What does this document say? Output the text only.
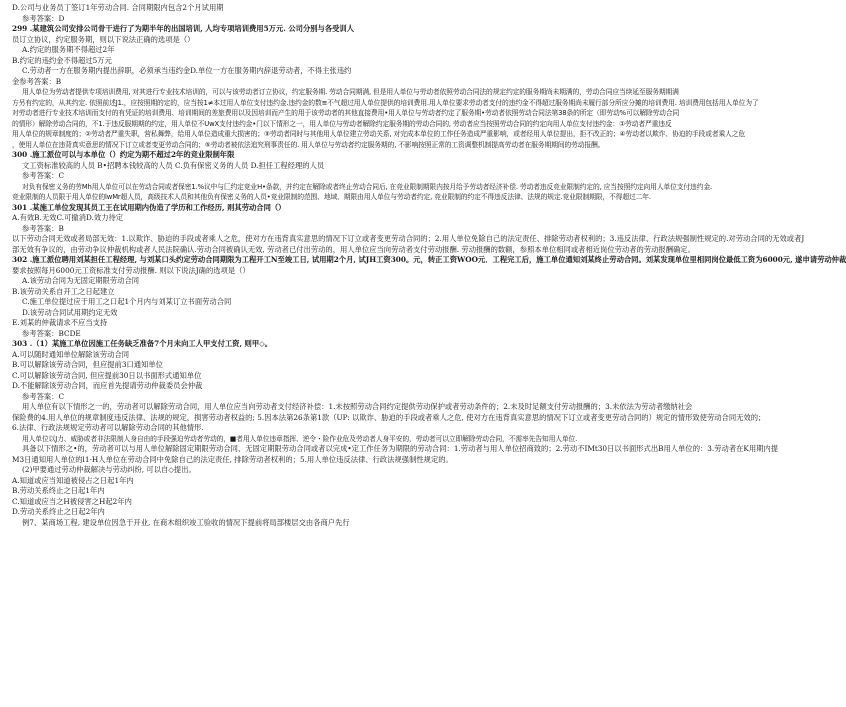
D.公司与业务员丁签订1年劳动合同. 合同期限内包含2个月试用期
参考答案：D
299 .某建筑公司安排公司骨干进行了为期半年的出国培训, 人均专项培训费用5万元. 公司分别与各受训人
员订立协议，约定服务期，则以下说法正确的选项是（）
A.约定的服务期不得超过2年
B.约定的违约金不得超过5万元
C.劳动者一方在服务期内提出辞职，必须承当违约金D.单位一方在服务期内辞退劳动者，不得主张违约
金参考答案：B
用人单位为劳动者提供专项培训费用, 对其进行专业技术培训的，可以与该劳动者订立协议，约定服务期. 劳动合同期满, 但是用人单位与劳动者依照劳动合同法的规定约定的服务期尚未期满的，劳动合同应当续延至服务期期满
方另有约定的，从其约定. 依照前述J1.，应按照期的定的，应当按1≠本过用人单位支付违约金.违约金的数≡不气超过用人单位提供的培训费用.用人单位要求劳动者支付的违约金不得超过服务期尚未履行部分所应分摊的培训费用. 培训费用包括用人单位为了
对劳动者进行专业技术培训而支付的有凭证的培训费用、培训期间的差旅费用以及因培训而产生的用于该劳动者的其他直接费用•用人单位与劳动者约定了服务期•劳动者依照劳动合同法第38条的所定（即劳动%可以解除劳动合同
的情形）解除劳动合同的，不1.于违反服期期的约定，用人单位不UwX支付违约金•门以下情形之一，用人单位与劳动者解除约定服务期的劳动合同的, 劳动者应当按照劳动合同的约定向用人单位支付违约金：①劳动者严重违反
用人单位的规章制度的；②劳动者严重失职，营私舞弊，给用人单位造成重大损害的；③劳动者同时与其他用人单位建立劳动关系, 对完成本单位的工作任务造成严重影响，或者经用人单位提出，拒不改正的；④劳动者以欺诈、协迫的手段或者乘人之危
，使用人单位在违背真实意思的情况下订立或者变更劳动合同的；⑤劳动者被依法追究刑事责任的. 用人单位与劳动者约定服务期的, 不影响按照正常的工资调整机制提高劳动者在服务期期间的劳动报酬。
300 .施工派位可以与本单位（）约定为期不超过2年的竞业限制年限
文工资标准较高的人员 B•招聘本钱较高的人员 C.负有保密义务的人员 D.担任工程经理的人员
参考答案：C
对负有保密义务的劳Mh用人单位可以在劳动合同或者保密1.%议中与匚约定竞业H•条款，并约定在解除或者终止劳动合同后, 在竞业限制期限内按月给予劳动者经济补偿. 劳动者违反竞业限制约定的, 应当按照约定向用人单位支付违约金.
竞业限制的人员限于用人单位的lwMr超人员，高级技术人员和其他负有保密义务的人员•竞业限制的范围、地域、期限由用人单位与劳动者约定, 竞业限制的约定不得违反法律、法规的规定.竞业限制期限，不得超过二年.
301 .某施工单位发现其员工王在试用期内伪造了学历和工作经历, 则其劳动合同（）
A.有效B.无效C.可撤消D.效力待定
参考答案：B
以下劳动合同无效或者局部无效：1.以欺诈、胁迫的手段或者乘人之危，使对方在违背真实意思的情况下订立或者变更劳动合同的；2.用人单位免除自己的法定责任、排除劳动者权利的；3.违反法律、行政法规强制性规定的.对劳动合同的无效或者J
部无效有争议的，由劳动争议仲裁机构或者人民法院确认.劳动合同被确认无效, 劳动者已付出劳动的，用人单位应当向劳动者支付劳动报酬. 劳动报酬的数额，参照本单位相同或者相近岗位劳动者的劳动报酬确定。
302 .施工派位聘用刘某担任工程经理, 与刘某口头约定劳动合同期限为工程开工N至竣工日, 试用期2个月, 试JH工资300。元，转正工资WOO元．工程完工后，施工单位通知刘某终止劳动合同。刘某发现单位里相同岗位最低工资为6000元, 遂申请劳动仲裁
要求按照每月6000元工资标准支付劳动报酬. 则以下说法J确的选项是（）
A.该劳动合同为无固定期限劳动合同
B.该劳动关系自开工之日起建立
C.施工单位提过应于用工之口起1个月内与刘某订立书面劳动合同
D.该劳动合同试用期约定无效
E.刘某的仲裁请求不应当支持
参考答案：BCDE
303 .（1）某施工单位因施工任务缺乏准备7个月未向工人甲支付工资, 则甲◇。
A.可以随时通知单位解除该劳动合同
B.可以解除该劳动合同，但应提前3口通知单位
C.可以解除该劳动合同, 但应提前30日以书面形式通知单位
D.不能解除该劳动合同，而应首先提请劳动仲裁委员会仲裁
参考答案：C
用人单位有以下情形之一的，劳动者可以解除劳动合同，用人单位应当向劳动者支付经济补偿：1.未按照劳动合同约定提供劳动保护或者劳动条件的；2.未及时足额支付劳动报酬的；3.未依法为劳动者缴纳社会
保险费的4.用人单位的规章制度违反法律、法规的规定，损害劳动者权益的; 5.因本法第26条第1款（UP: 以欺诈、胁迫的手段或者乘人之危, 使对方在违背真实意思的情况下订立或者变更劳动合同的）规定的情形致使劳动合同无效的；
6.法律、行政法规规定劳动者可以解除劳动合同的其他情形.
用人单位以J力、威胁或者非法限制人身自由的手段强迫劳动者劳动的，■者用人单位违章指挥、逆令・险作业危及劳动者人身平安的，劳动者可以立即解除劳动合同，不需率先告知用人单位.
具备以下情形之•的，劳动者可以与用人单位解除固定期限劳动合同、无固定期限劳动合同或者以完成•定工作任务为期限的劳动合同：1.劳动者与用人单位招商致的；2.劳动不IMt30日以书面形式出B用人单位的：3.劳动者在K用期内提
M3日通知用人单位的l1-H人单位在劳动合同中免除自己的法定责任, 排除劳动者权利的；5.用人单位违反法律、行政法规强制性规定的。
(2)甲要通过劳动仲裁解决与劳动纠纷, 可以自◇提出。
A.知道或应当知道被侵占之日起1年内
B.劳动关系终止之日起1年内
C.知道或应当之H被侵害之H起2年内
D.劳动关系终止之日起2年内
例7、某商场工程, 建设单位因急于开业, 在商木组织竣工验收的情况下提前将局部楼层交由各商户先行
